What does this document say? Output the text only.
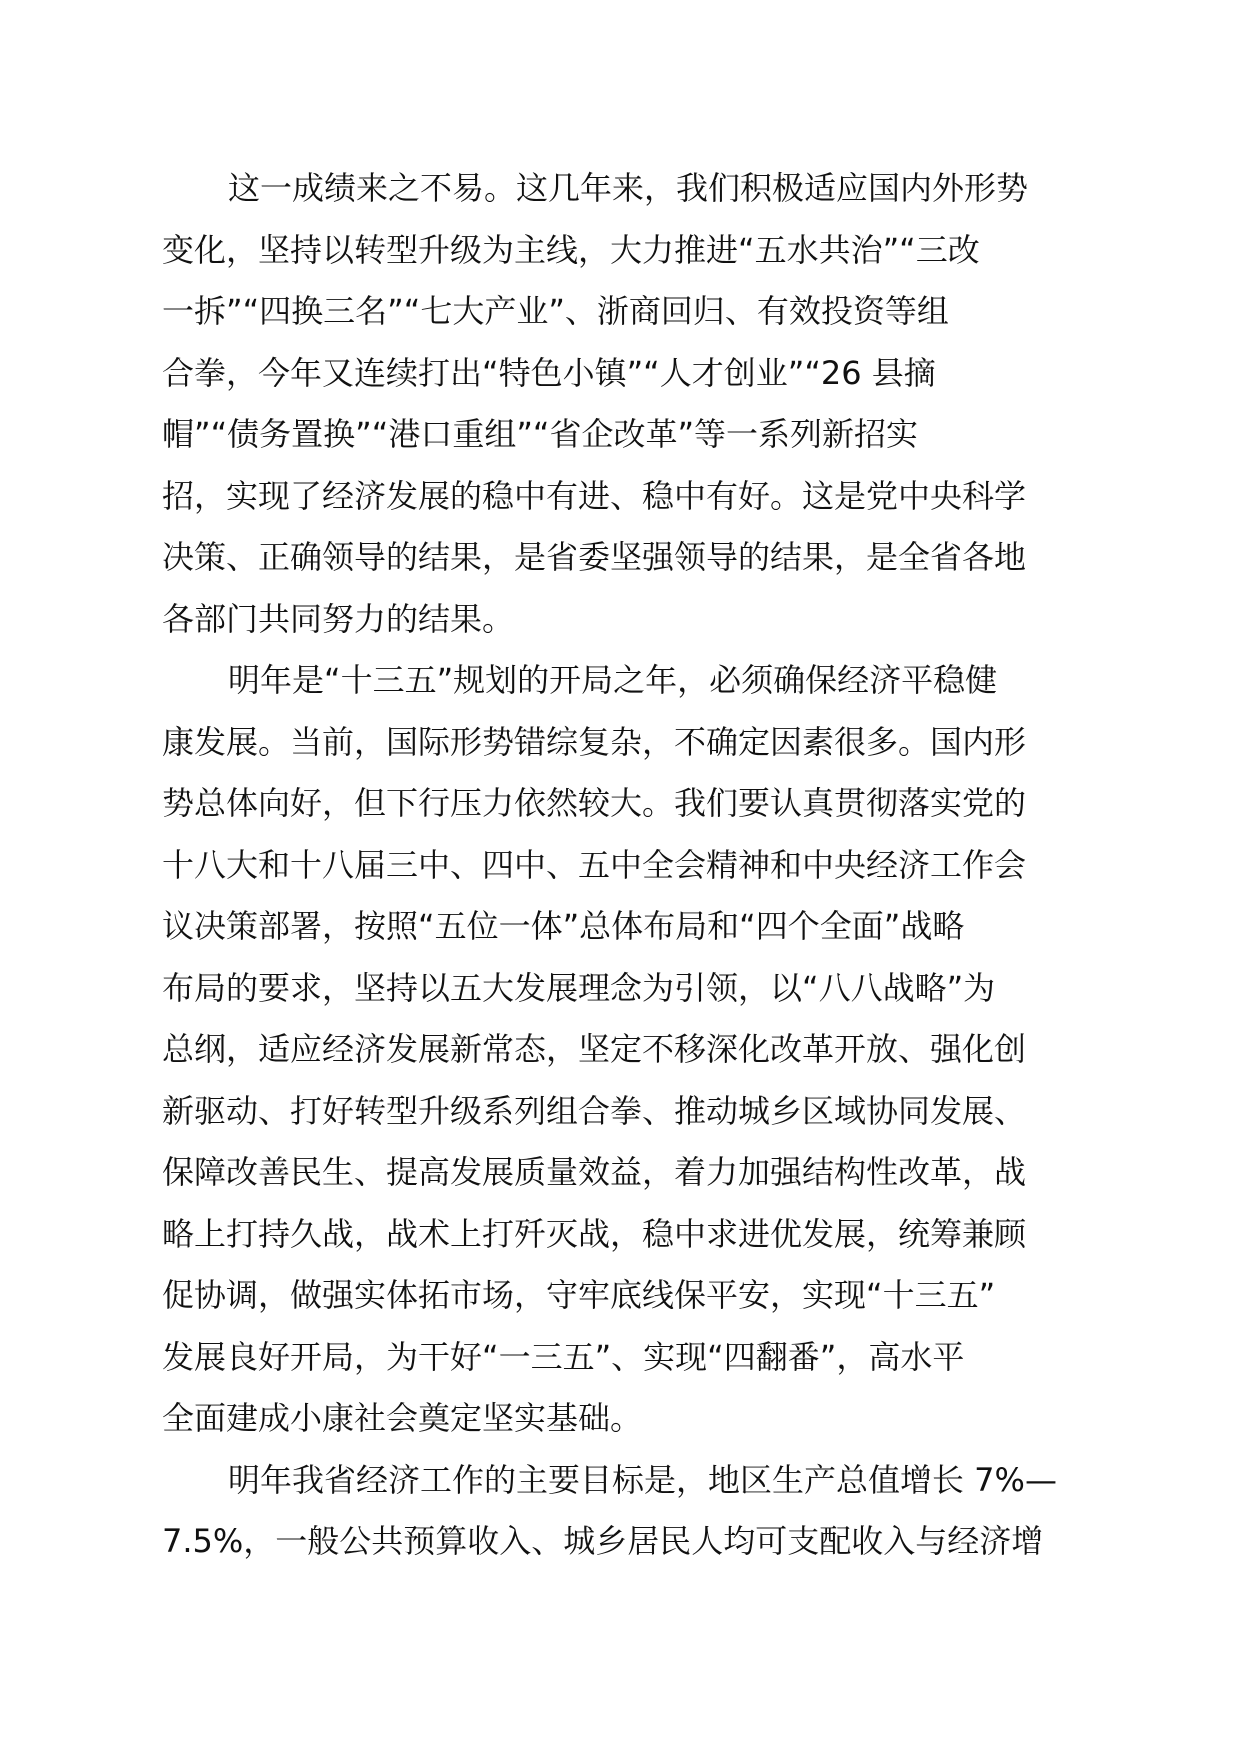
这一成绩来之不易。这几年来，我们积极适应国内外形势
变化，坚持以转型升级为主线，大力推进“五水共治”“三改
一拆”“四换三名”“七大产业”、浙商回归、有效投资等组
合拳，今年又连续打出“特色小镇”“人才创业”“26 县摘
帽”“债务置换”“港口重组”“省企改革”等一系列新招实
招，实现了经济发展的稳中有进、稳中有好。这是党中央科学
决策、正确领导的结果，是省委坚强领导的结果，是全省各地
各部门共同努力的结果。
明年是“十三五”规划的开局之年，必须确保经济平稳健
康发展。当前，国际形势错综复杂，不确定因素很多。国内形
势总体向好，但下行压力依然较大。我们要认真贯彻落实党的
十八大和十八届三中、四中、五中全会精神和中央经济工作会
议决策部署，按照“五位一体”总体布局和“四个全面”战略
布局的要求，坚持以五大发展理念为引领，以“八八战略”为
总纲，适应经济发展新常态，坚定不移深化改革开放、强化创
新驱动、打好转型升级系列组合拳、推动城乡区域协同发展、
保障改善民生、提高发展质量效益，着力加强结构性改革，战
略上打持久战，战术上打歼灭战，稳中求进优发展，统筹兼顾
促协调，做强实体拓市场，守牢底线保平安，实现“十三五”
发展良好开局，为干好“一三五”、实现“四翻番”，高水平
全面建成小康社会奠定坚实基础。
明年我省经济工作的主要目标是，地区生产总值增长 7%—
7.5%，一般公共预算收入、城乡居民人均可支配收入与经济增
